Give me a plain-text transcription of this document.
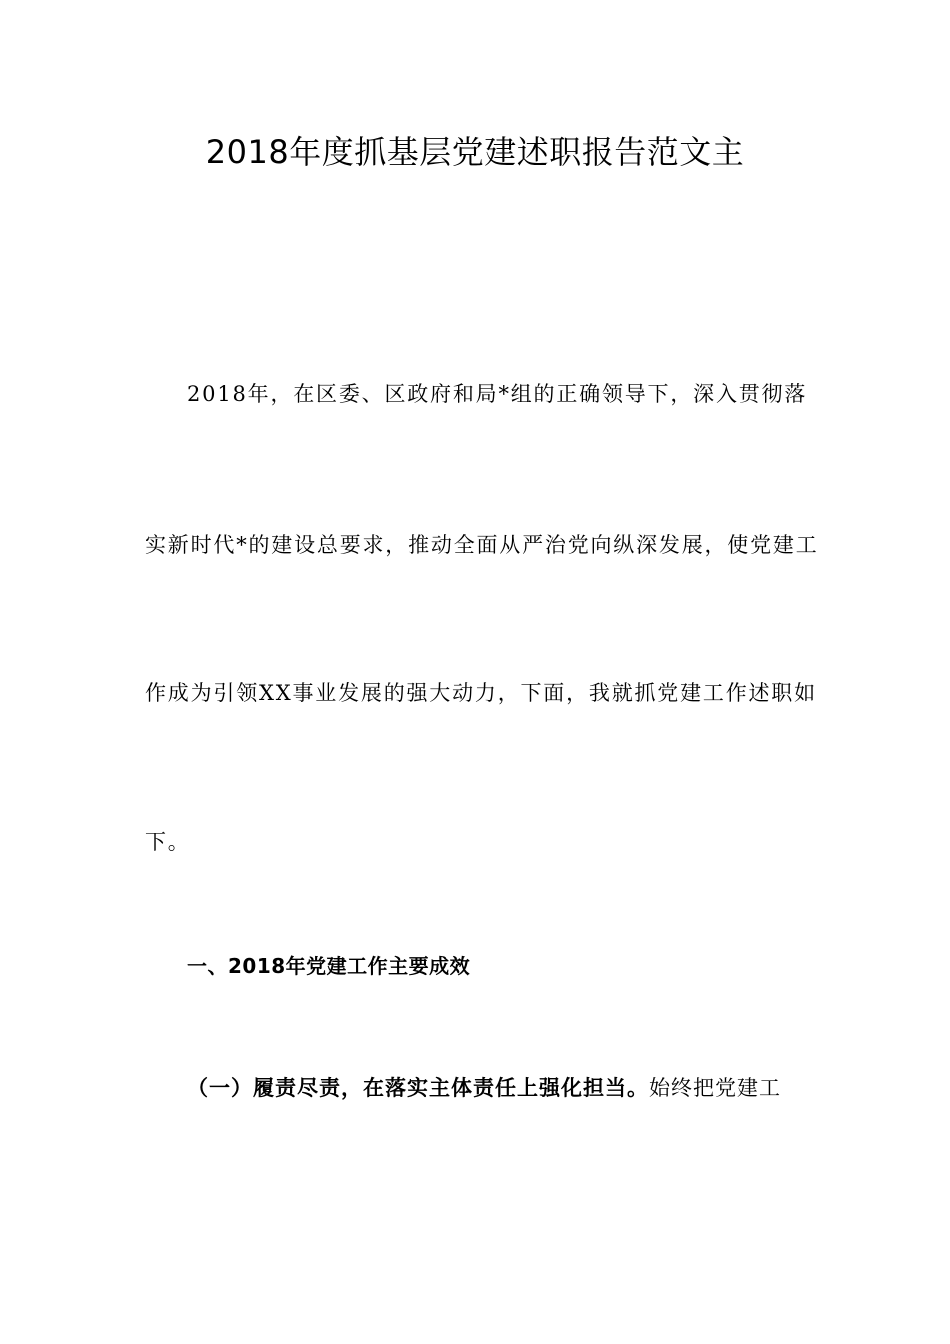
2018年度抓基层党建述职报告范文主
2018年，在区委、区政府和局*组的正确领导下，深入贯彻落
实新时代*的建设总要求，推动全面从严治党向纵深发展，使党建工
作成为引领XX事业发展的强大动力，下面，我就抓党建工作述职如
下。
一、2018年党建工作主要成效
（一）履责尽责，在落实主体责任上强化担当。始终把党建工
